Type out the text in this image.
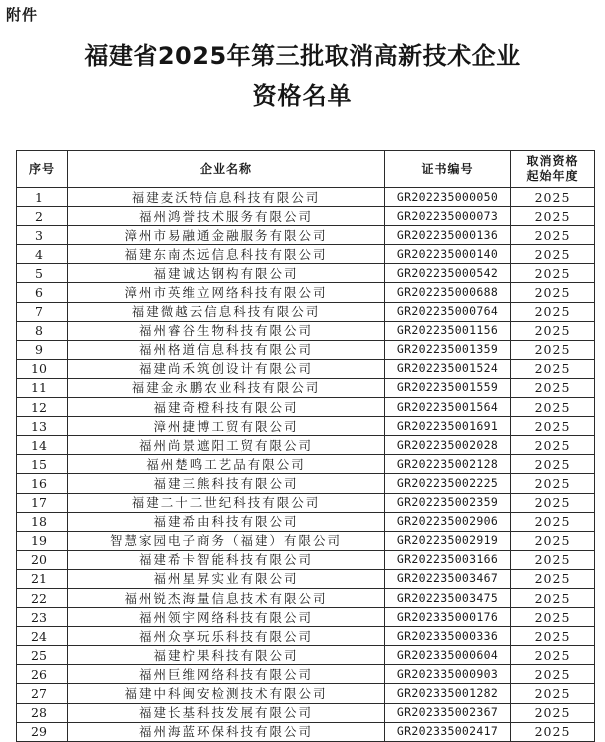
附件
福建省2025年第三批取消高新技术企业
资格名单
序号	企业名称	证书编号	取消资格
起始年度

1	福建麦沃特信息科技有限公司	GR202235000050	2025
2	福州鸿誉技术服务有限公司	GR202235000073	2025
3	漳州市易融通金融服务有限公司	GR202235000136	2025
4	福建东南杰远信息科技有限公司	GR202235000140	2025
5	福建诚达钢构有限公司	GR202235000542	2025
6	漳州市英维立网络科技有限公司	GR202235000688	2025
7	福建微越云信息科技有限公司	GR202235000764	2025
8	福州睿谷生物科技有限公司	GR202235001156	2025
9	福州格道信息科技有限公司	GR202235001359	2025
10	福建尚禾筑创设计有限公司	GR202235001524	2025
11	福建金永鹏农业科技有限公司	GR202235001559	2025
12	福建奇橙科技有限公司	GR202235001564	2025
13	漳州捷博工贸有限公司	GR202235001691	2025
14	福州尚景遮阳工贸有限公司	GR202235002028	2025
15	福州楚鸣工艺品有限公司	GR202235002128	2025
16	福建三熊科技有限公司	GR202235002225	2025
17	福建二十二世纪科技有限公司	GR202235002359	2025
18	福建希由科技有限公司	GR202235002906	2025
19	智慧家园电子商务（福建）有限公司	GR202235002919	2025
20	福建希卡智能科技有限公司	GR202235003166	2025
21	福州星昇实业有限公司	GR202235003467	2025
22	福州锐杰海量信息技术有限公司	GR202235003475	2025
23	福州领宇网络科技有限公司	GR202335000176	2025
24	福州众享玩乐科技有限公司	GR202335000336	2025
25	福建柠果科技有限公司	GR202335000604	2025
26	福州巨维网络科技有限公司	GR202335000903	2025
27	福建中科闽安检测技术有限公司	GR202335001282	2025
28	福建长基科技发展有限公司	GR202335002367	2025
29	福州海蓝环保科技有限公司	GR202335002417	2025
